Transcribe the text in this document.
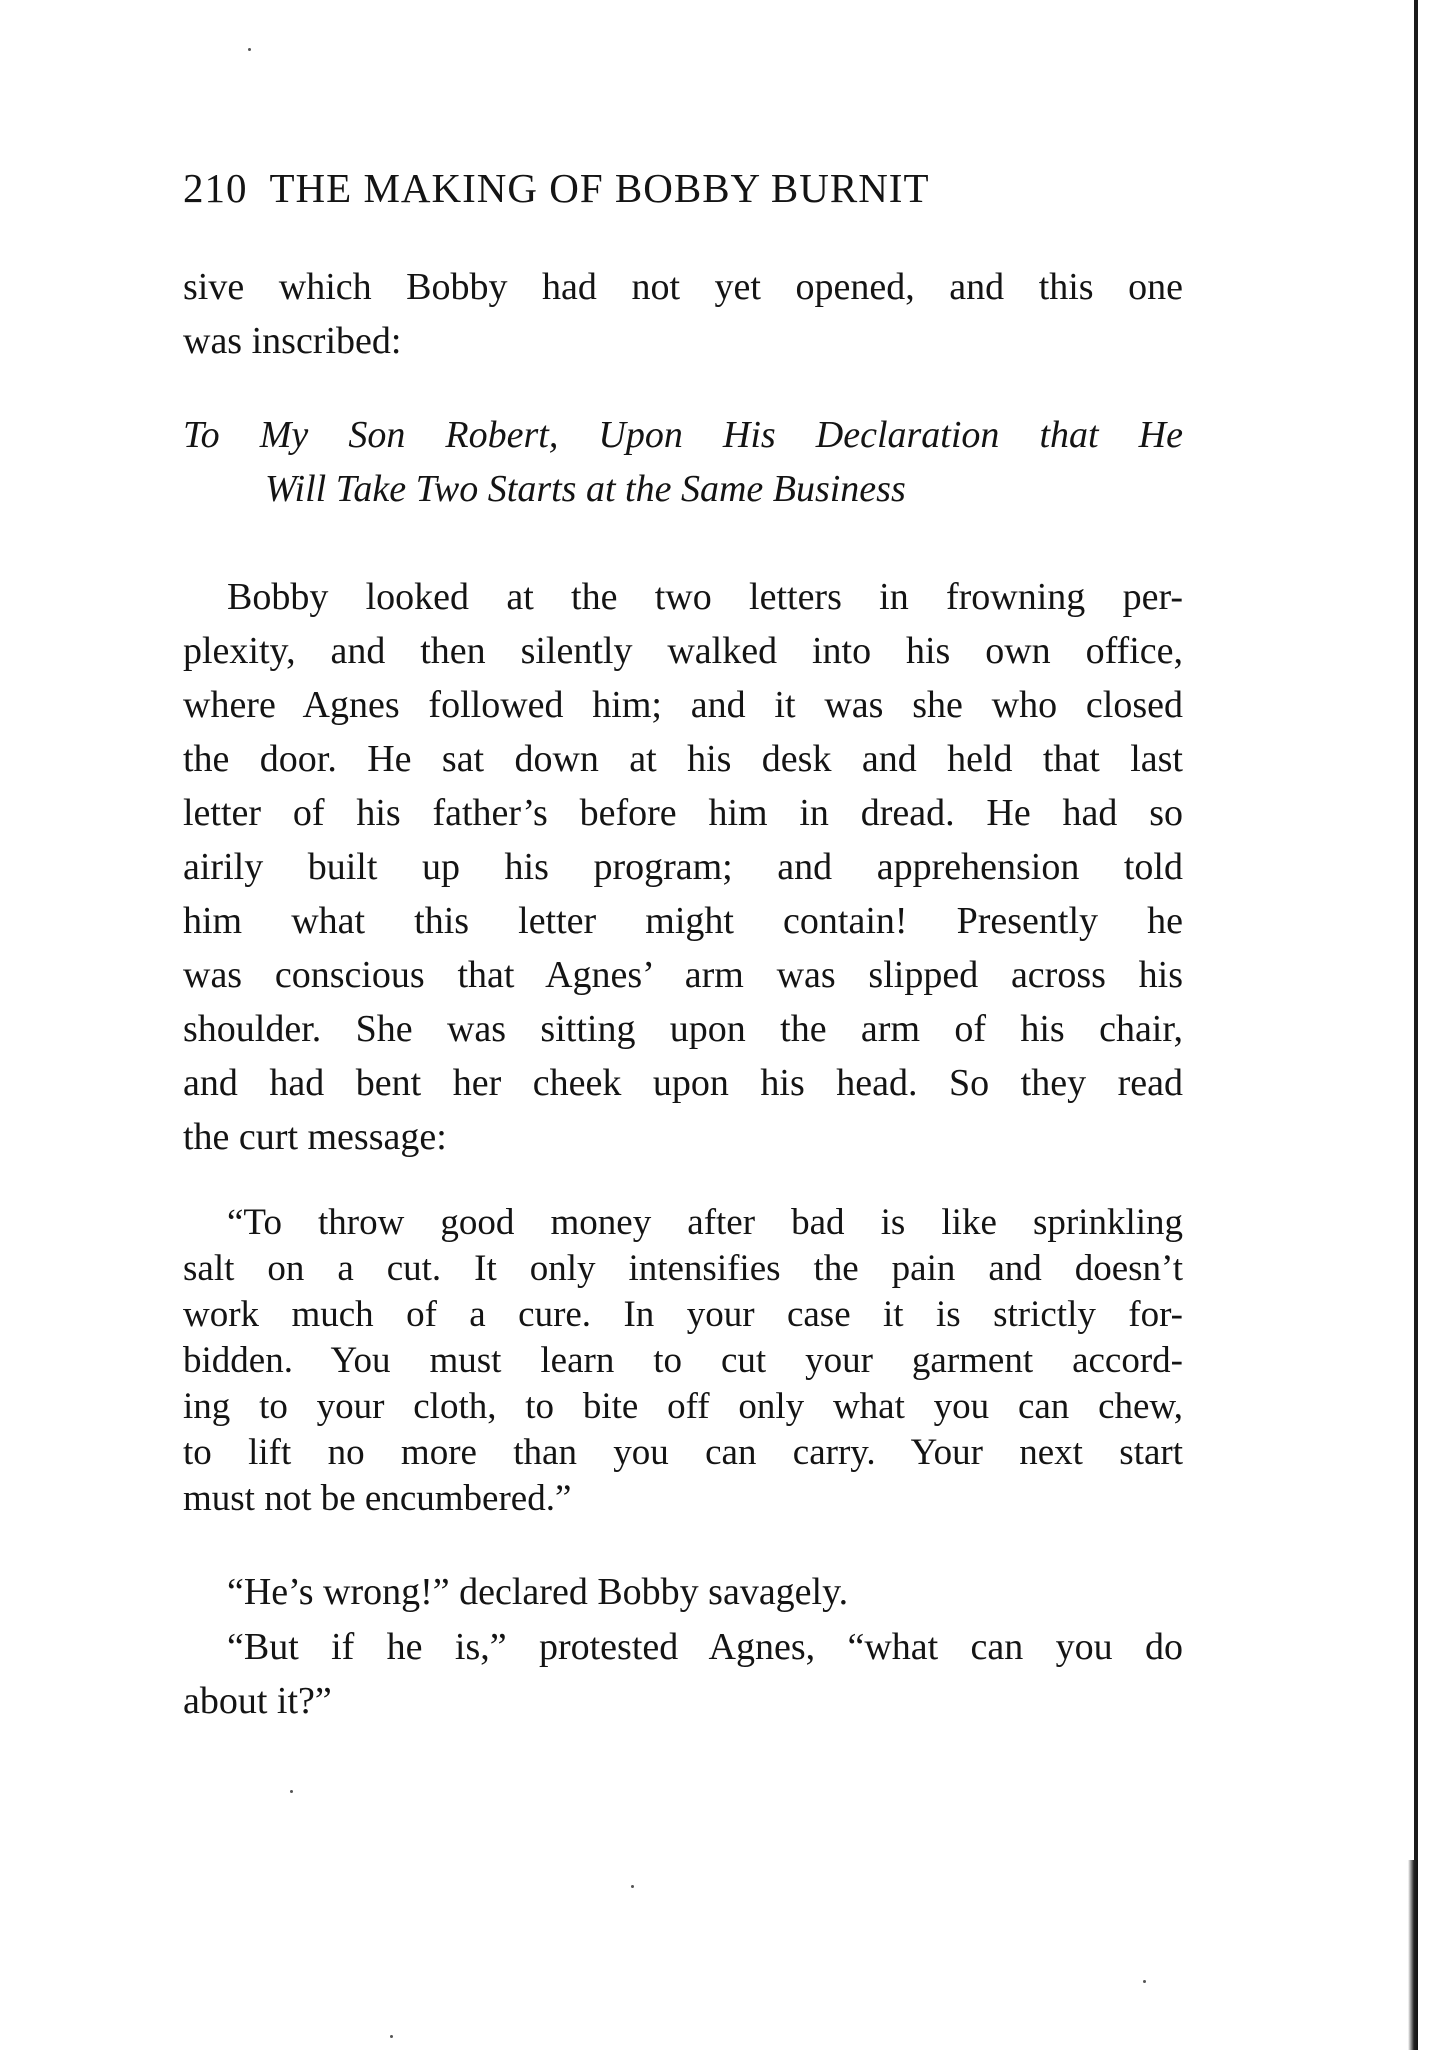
210 THE MAKING OF BOBBY BURNIT
sive which Bobby had not yet opened, and this one
was inscribed:
To My Son Robert, Upon His Declaration that He
Will Take Two Starts at the Same Business
Bobby looked at the two letters in frowning per-
plexity, and then silently walked into his own office,
where Agnes followed him; and it was she who closed
the door. He sat down at his desk and held that last
letter of his father’s before him in dread. He had so
airily built up his program; and apprehension told
him what this letter might contain! Presently he
was conscious that Agnes’ arm was slipped across his
shoulder. She was sitting upon the arm of his chair,
and had bent her cheek upon his head. So they read
the curt message:
“To throw good money after bad is like sprinkling
salt on a cut. It only intensifies the pain and doesn’t
work much of a cure. In your case it is strictly for-
bidden. You must learn to cut your garment accord-
ing to your cloth, to bite off only what you can chew,
to lift no more than you can carry. Your next start
must not be encumbered.”
“He’s wrong!” declared Bobby savagely.
“But if he is,” protested Agnes, “what can you do
about it?”
